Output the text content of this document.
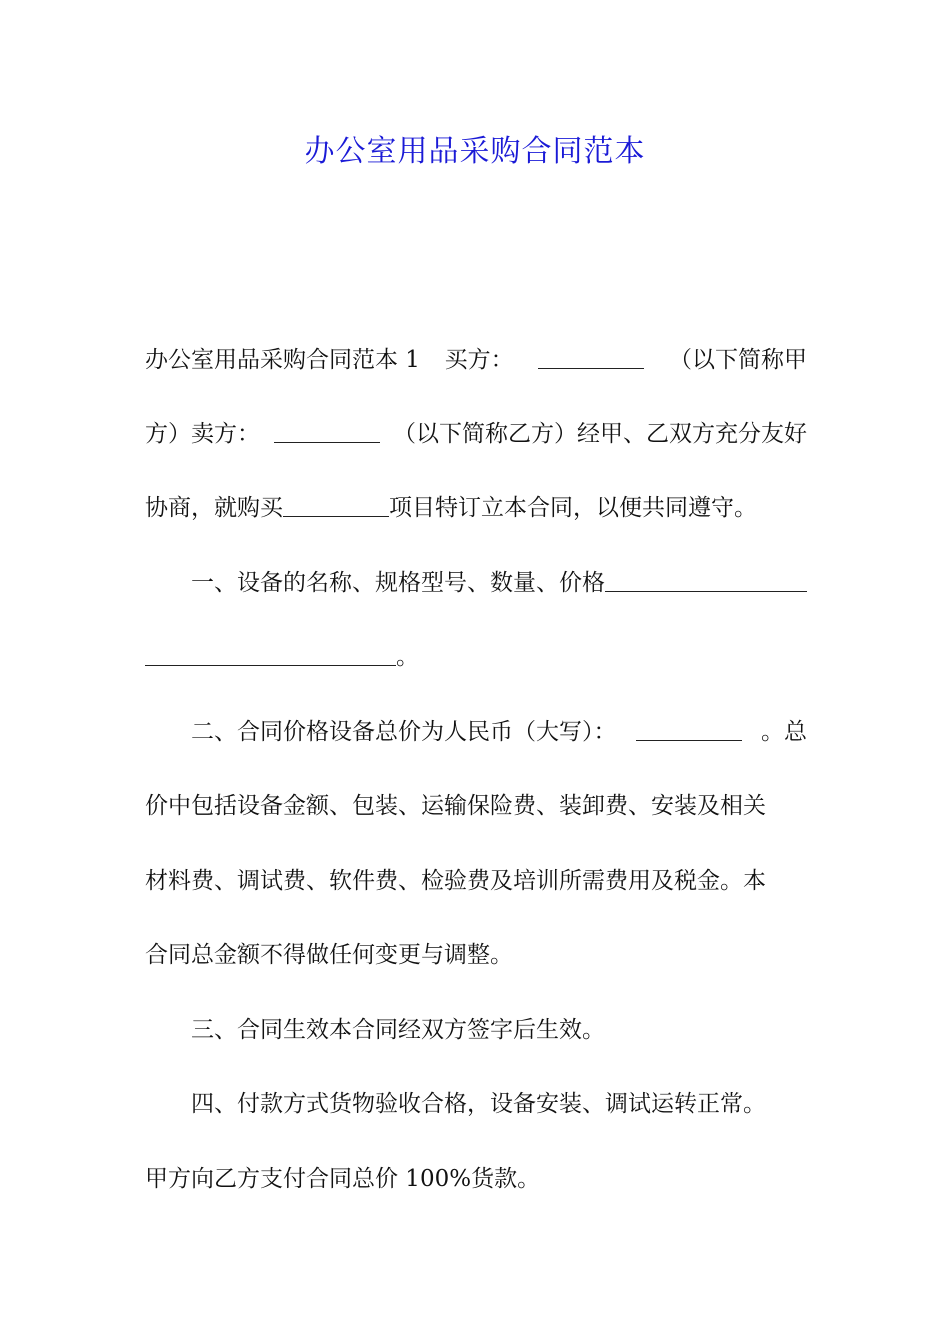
办公室用品采购合同范本
办公室用品采购合同范本 1 买方：	（以下简称甲
方）卖方：	（以下简称乙方）经甲、乙双方充分友好
协商，就购买	项目特订立本合同，以便共同遵守。
一、设备的名称、规格型号、数量、价格
。
二、合同价格设备总价为人民币（大写）：	。总
价中包括设备金额、包装、运输保险费、装卸费、安装及相关
材料费、调试费、软件费、检验费及培训所需费用及税金。本
合同总金额不得做任何变更与调整。
三、合同生效本合同经双方签字后生效。
四、付款方式货物验收合格，设备安装、调试运转正常。
甲方向乙方支付合同总价 100%货款。
